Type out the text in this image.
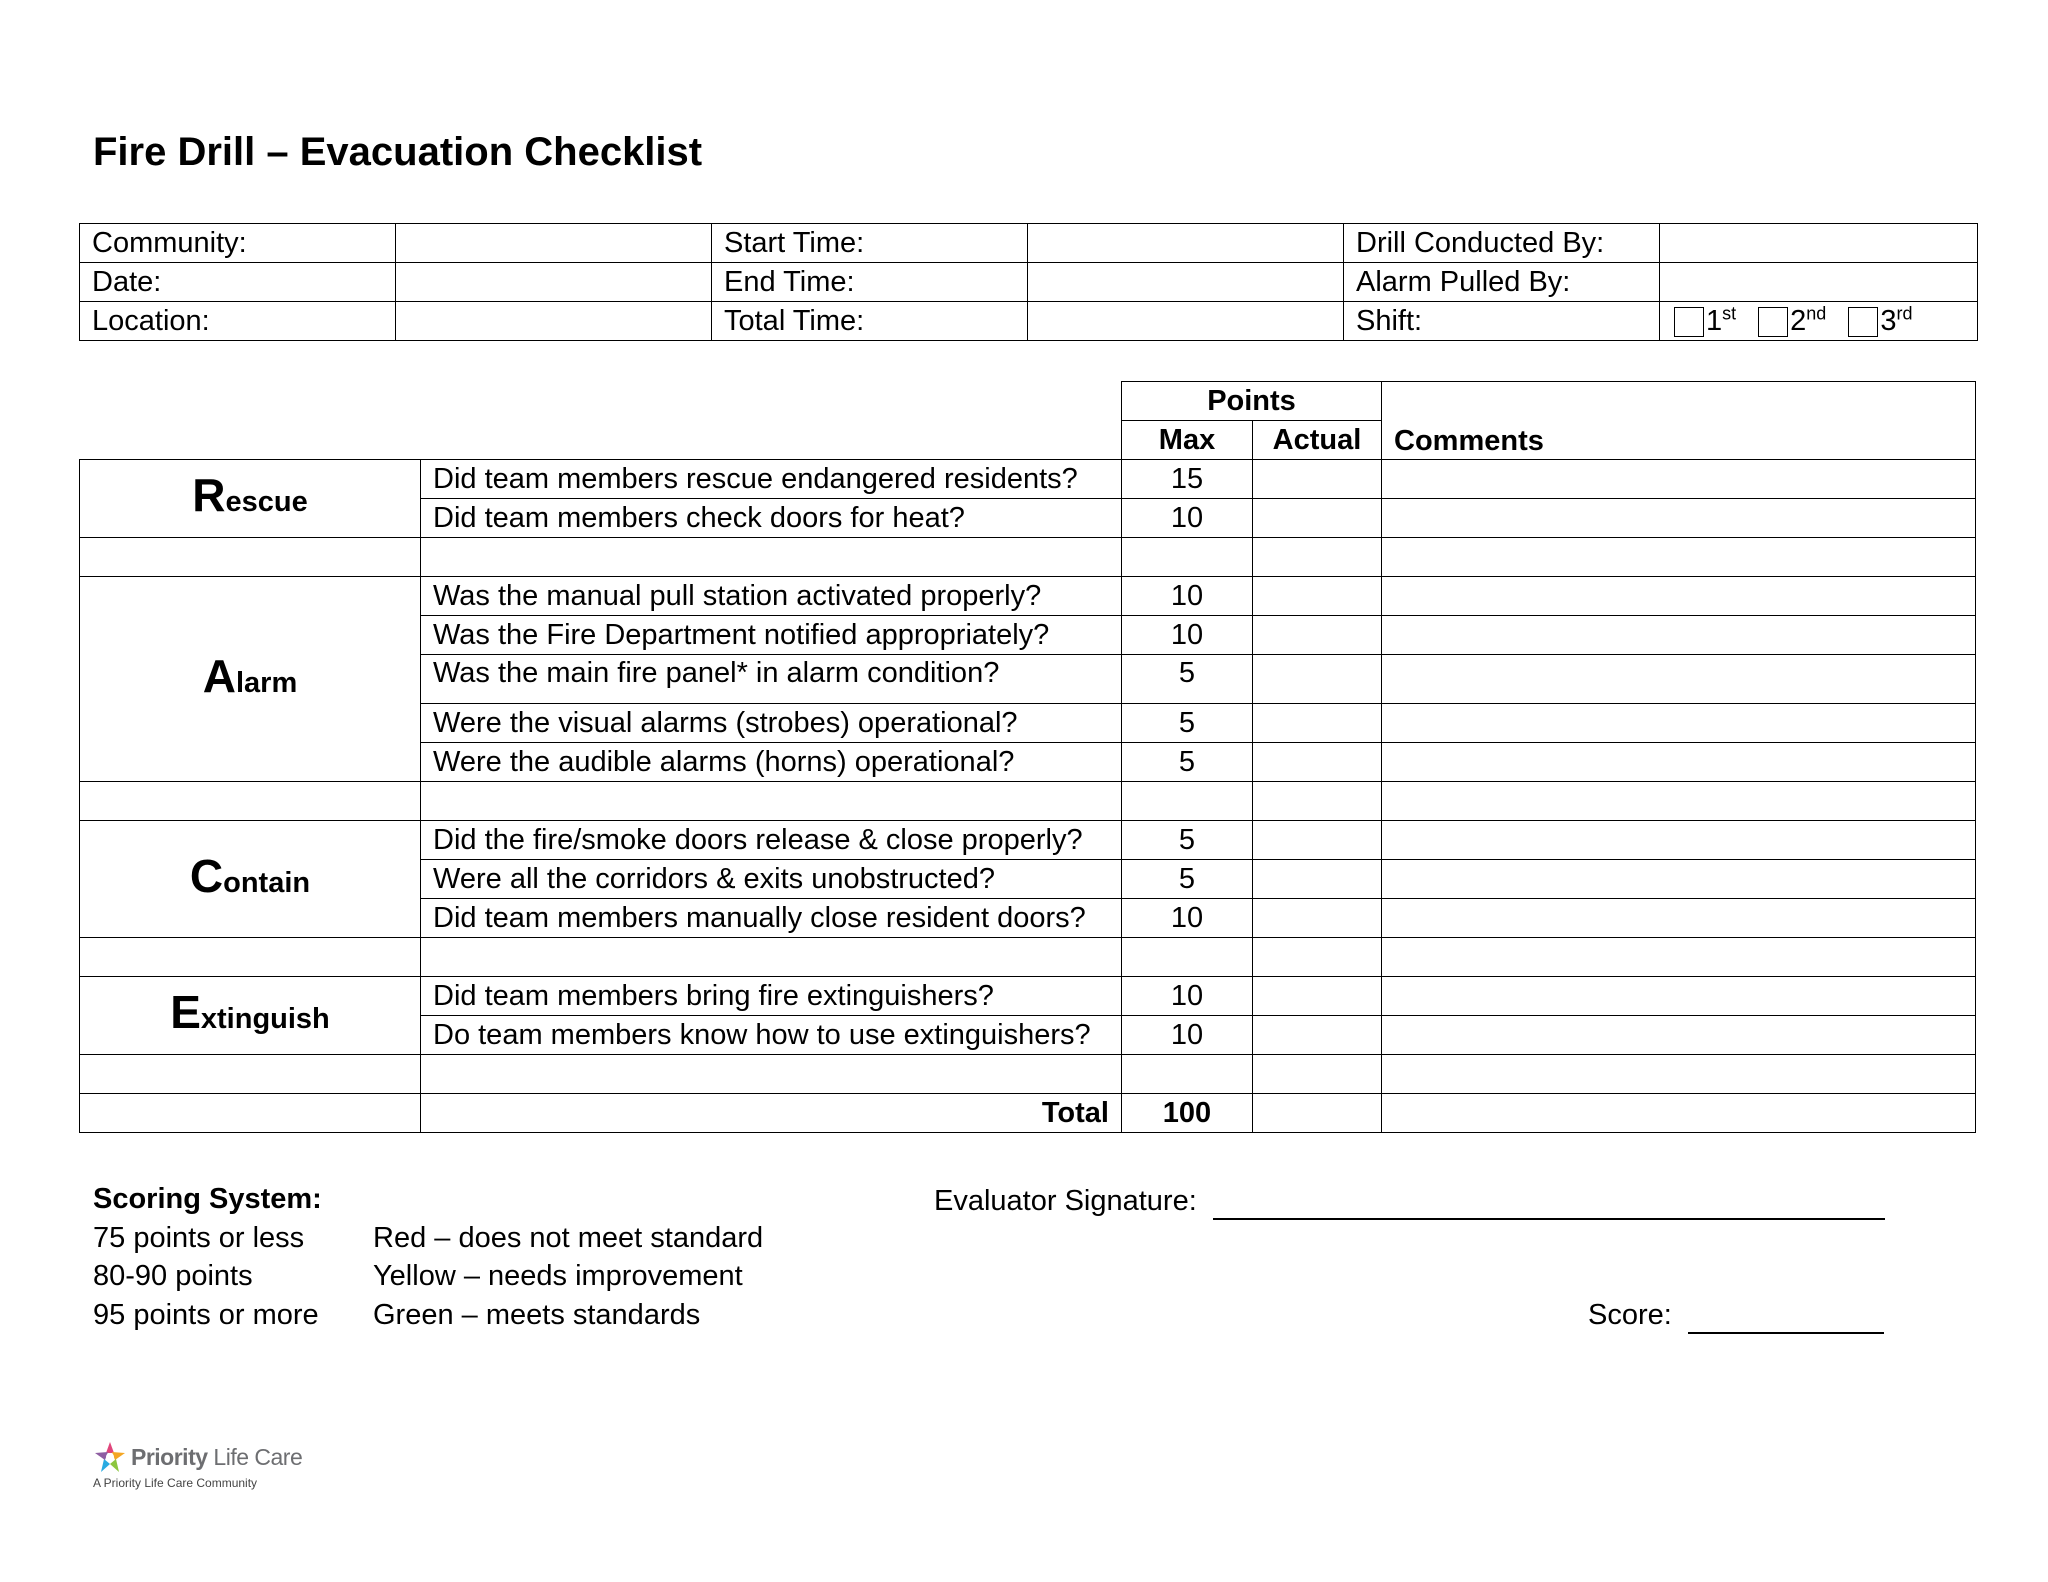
Fire Drill – Evacuation Checklist
Community:		Start Time:		Drill Conducted By:	
Date:		End Time:		Alarm Pulled By:	
Location:		Total Time:		Shift:	1st 2nd 3rd
		Points		Comments
		Max	Actual	
Rescue	Did team members rescue endangered residents?	15		
	Did team members check doors for heat?	10		

Alarm	Was the manual pull station activated properly?	10		
	Was the Fire Department notified appropriately?	10		
	Was the main fire panel* in alarm condition?	5		
	Were the visual alarms (strobes) operational?	5		
	Were the audible alarms (horns) operational?	5		

Contain	Did the fire/smoke doors release & close properly?	5		
	Were all the corridors & exits unobstructed?	5		
	Did team members manually close resident doors?	10		

Extinguish	Did team members bring fire extinguishers?	10		
	Do team members know how to use extinguishers?	10		

	Total	100		
Scoring System:
75 points or less	Red – does not meet standard
80-90 points	Yellow – needs improvement
95 points or more	Green – meets standards
Evaluator Signature:
Score:
Priority Life Care
A Priority Life Care Community
